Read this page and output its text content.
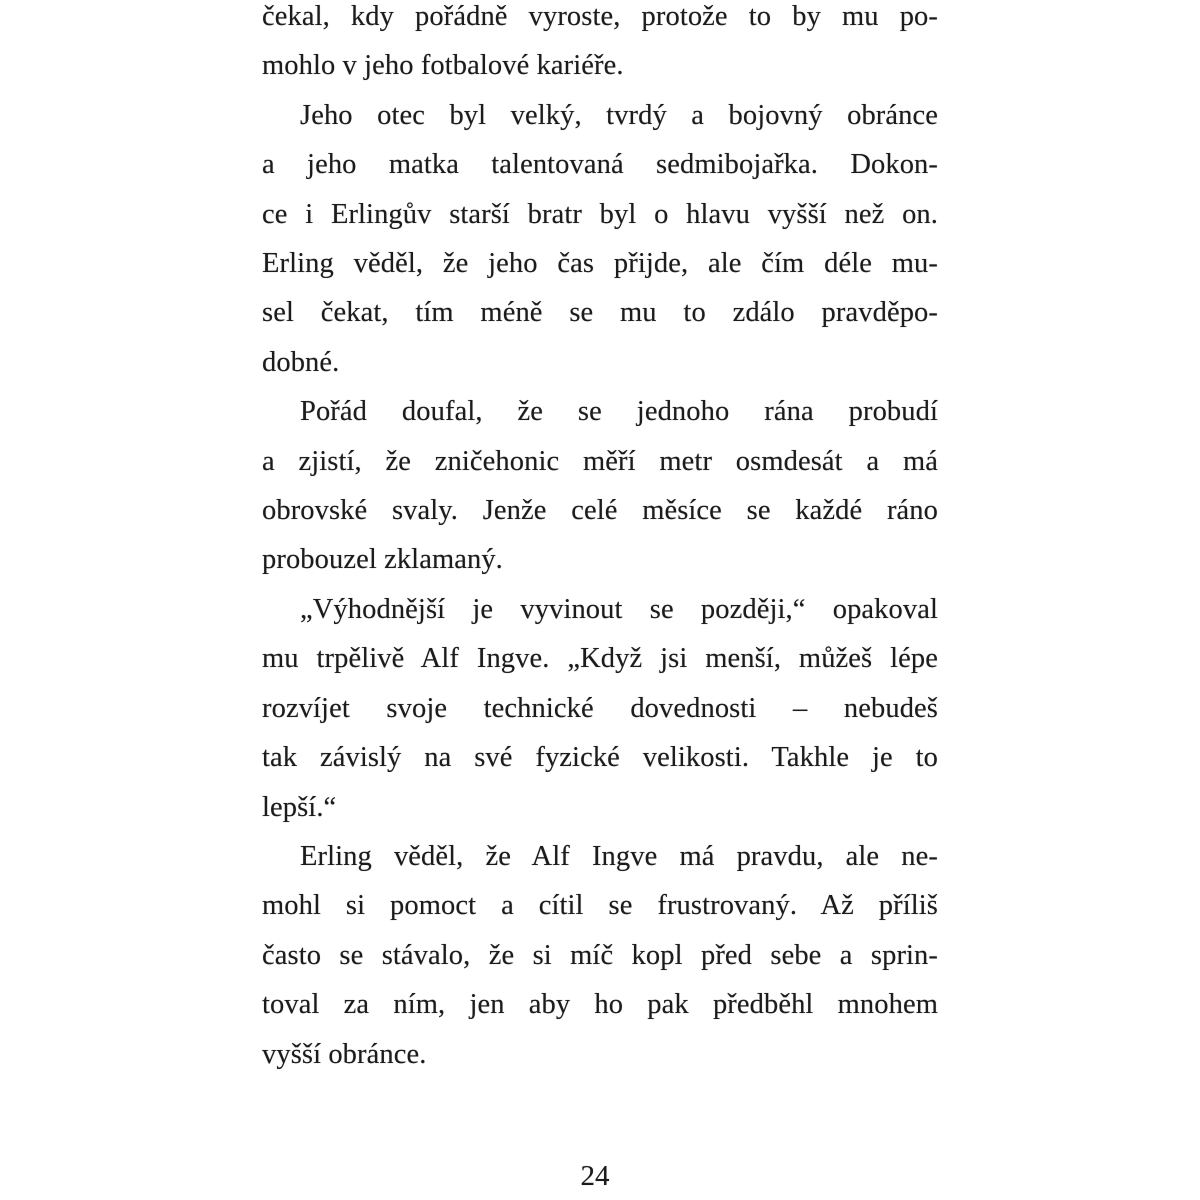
čekal, kdy pořádně vyroste, protože to by mu po-
mohlo v jeho fotbalové kariéře.
Jeho otec byl velký, tvrdý a bojovný obránce
a jeho matka talentovaná sedmibojařka. Dokon-
ce i Erlingův starší bratr byl o hlavu vyšší než on.
Erling věděl, že jeho čas přijde, ale čím déle mu-
sel čekat, tím méně se mu to zdálo pravděpo-
dobné.
Pořád doufal, že se jednoho rána probudí
a zjistí, že zničehonic měří metr osmdesát a má
obrovské svaly. Jenže celé měsíce se každé ráno
probouzel zklamaný.
„Výhodnější je vyvinout se později,“ opakoval
mu trpělivě Alf Ingve. „Když jsi menší, můžeš lépe
rozvíjet svoje technické dovednosti – nebudeš
tak závislý na své fyzické velikosti. Takhle je to
lepší.“
Erling věděl, že Alf Ingve má pravdu, ale ne-
mohl si pomoct a cítil se frustrovaný. Až příliš
často se stávalo, že si míč kopl před sebe a sprin-
toval za ním, jen aby ho pak předběhl mnohem
vyšší obránce.
24
